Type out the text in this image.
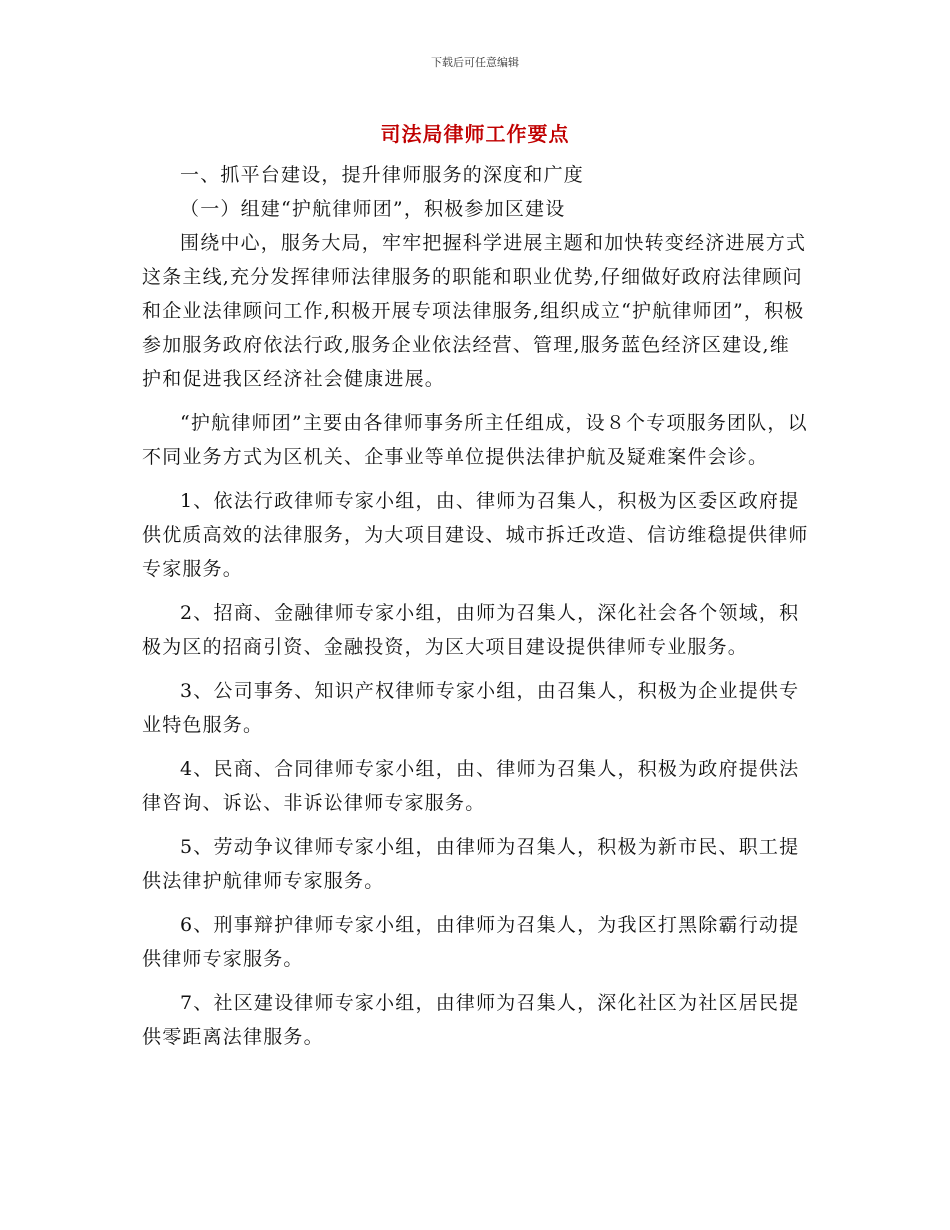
下载后可任意编辑
司法局律师工作要点

一、抓平台建设，提升律师服务的深度和广度

（一）组建“护航律师团”，积极参加区建设

围绕中心，服务大局，牢牢把握科学进展主题和加快转变经济进展方式这条主线,充分发挥律师法律服务的职能和职业优势,仔细做好政府法律顾问和企业法律顾问工作,积极开展专项法律服务,组织成立“护航律师团”，积极参加服务政府依法行政,服务企业依法经营、管理,服务蓝色经济区建设,维护和促进我区经济社会健康进展。

“护航律师团”主要由各律师事务所主任组成，设８个专项服务团队，以不同业务方式为区机关、企事业等单位提供法律护航及疑难案件会诊。

1、依法行政律师专家小组，由、律师为召集人，积极为区委区政府提供优质高效的法律服务，为大项目建设、城市拆迁改造、信访维稳提供律师专家服务。

2、招商、金融律师专家小组，由师为召集人，深化社会各个领域，积极为区的招商引资、金融投资，为区大项目建设提供律师专业服务。

3、公司事务、知识产权律师专家小组，由召集人，积极为企业提供专业特色服务。

4、民商、合同律师专家小组，由、律师为召集人，积极为政府提供法律咨询、诉讼、非诉讼律师专家服务。

5、劳动争议律师专家小组，由律师为召集人，积极为新市民、职工提供法律护航律师专家服务。

6、刑事辩护律师专家小组，由律师为召集人，为我区打黑除霸行动提供律师专家服务。

7、社区建设律师专家小组，由律师为召集人，深化社区为社区居民提供零距离法律服务。
